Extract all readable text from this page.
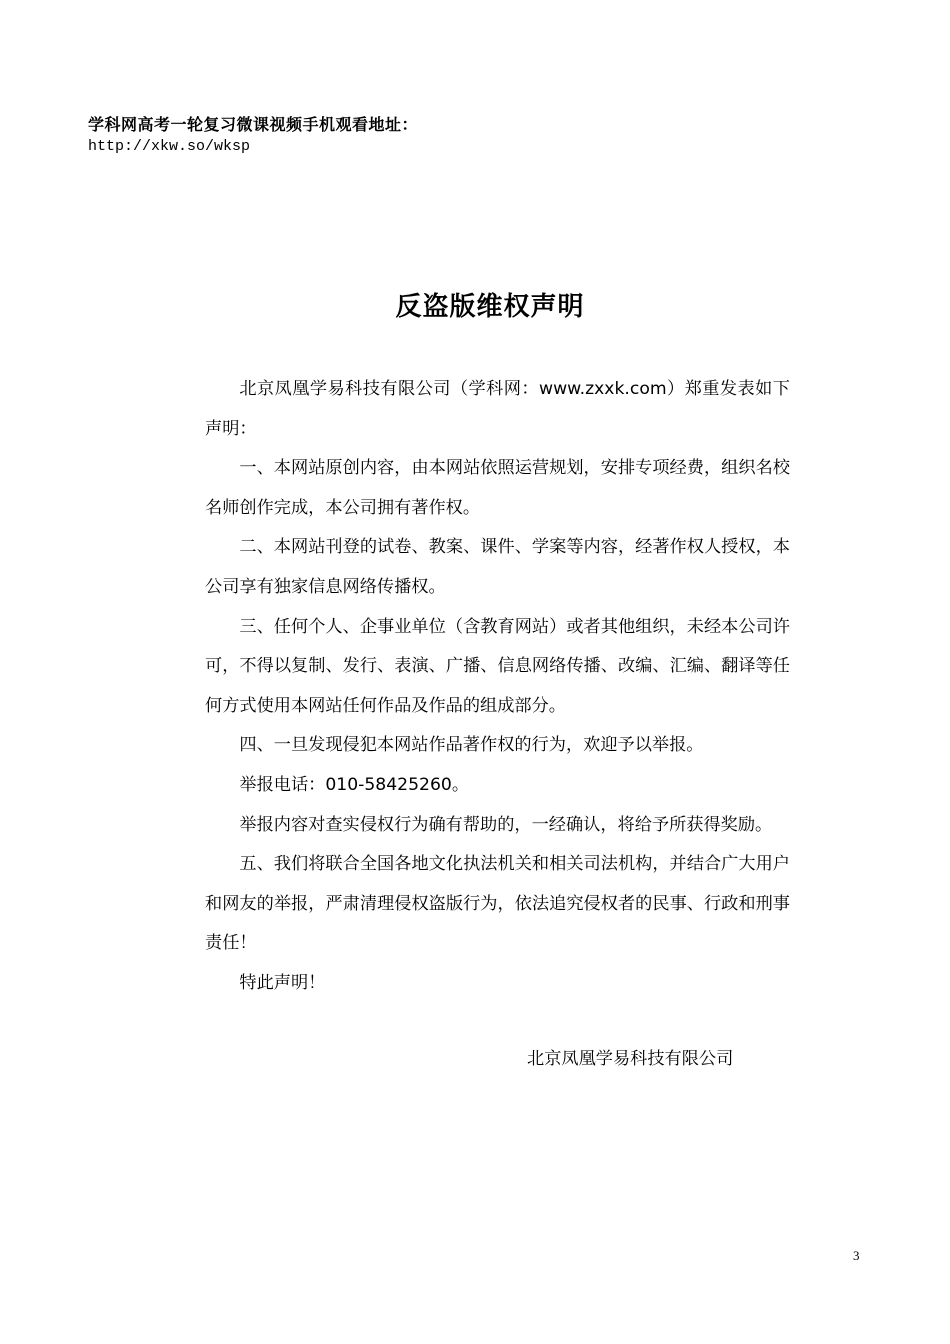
学科网高考一轮复习微课视频手机观看地址：
http://xkw.so/wksp
反盗版维权声明

北京凤凰学易科技有限公司（学科网：www.zxxk.com）郑重发表如下声明：

一、本网站原创内容，由本网站依照运营规划，安排专项经费，组织名校名师创作完成，本公司拥有著作权。

二、本网站刊登的试卷、教案、课件、学案等内容，经著作权人授权，本公司享有独家信息网络传播权。

三、任何个人、企事业单位（含教育网站）或者其他组织，未经本公司许可，不得以复制、发行、表演、广播、信息网络传播、改编、汇编、翻译等任何方式使用本网站任何作品及作品的组成部分。

四、一旦发现侵犯本网站作品著作权的行为，欢迎予以举报。

举报电话：010-58425260。

举报内容对查实侵权行为确有帮助的，一经确认，将给予所获得奖励。

五、我们将联合全国各地文化执法机关和相关司法机构，并结合广大用户和网友的举报，严肃清理侵权盗版行为，依法追究侵权者的民事、行政和刑事责任！

特此声明！

北京凤凰学易科技有限公司
3
